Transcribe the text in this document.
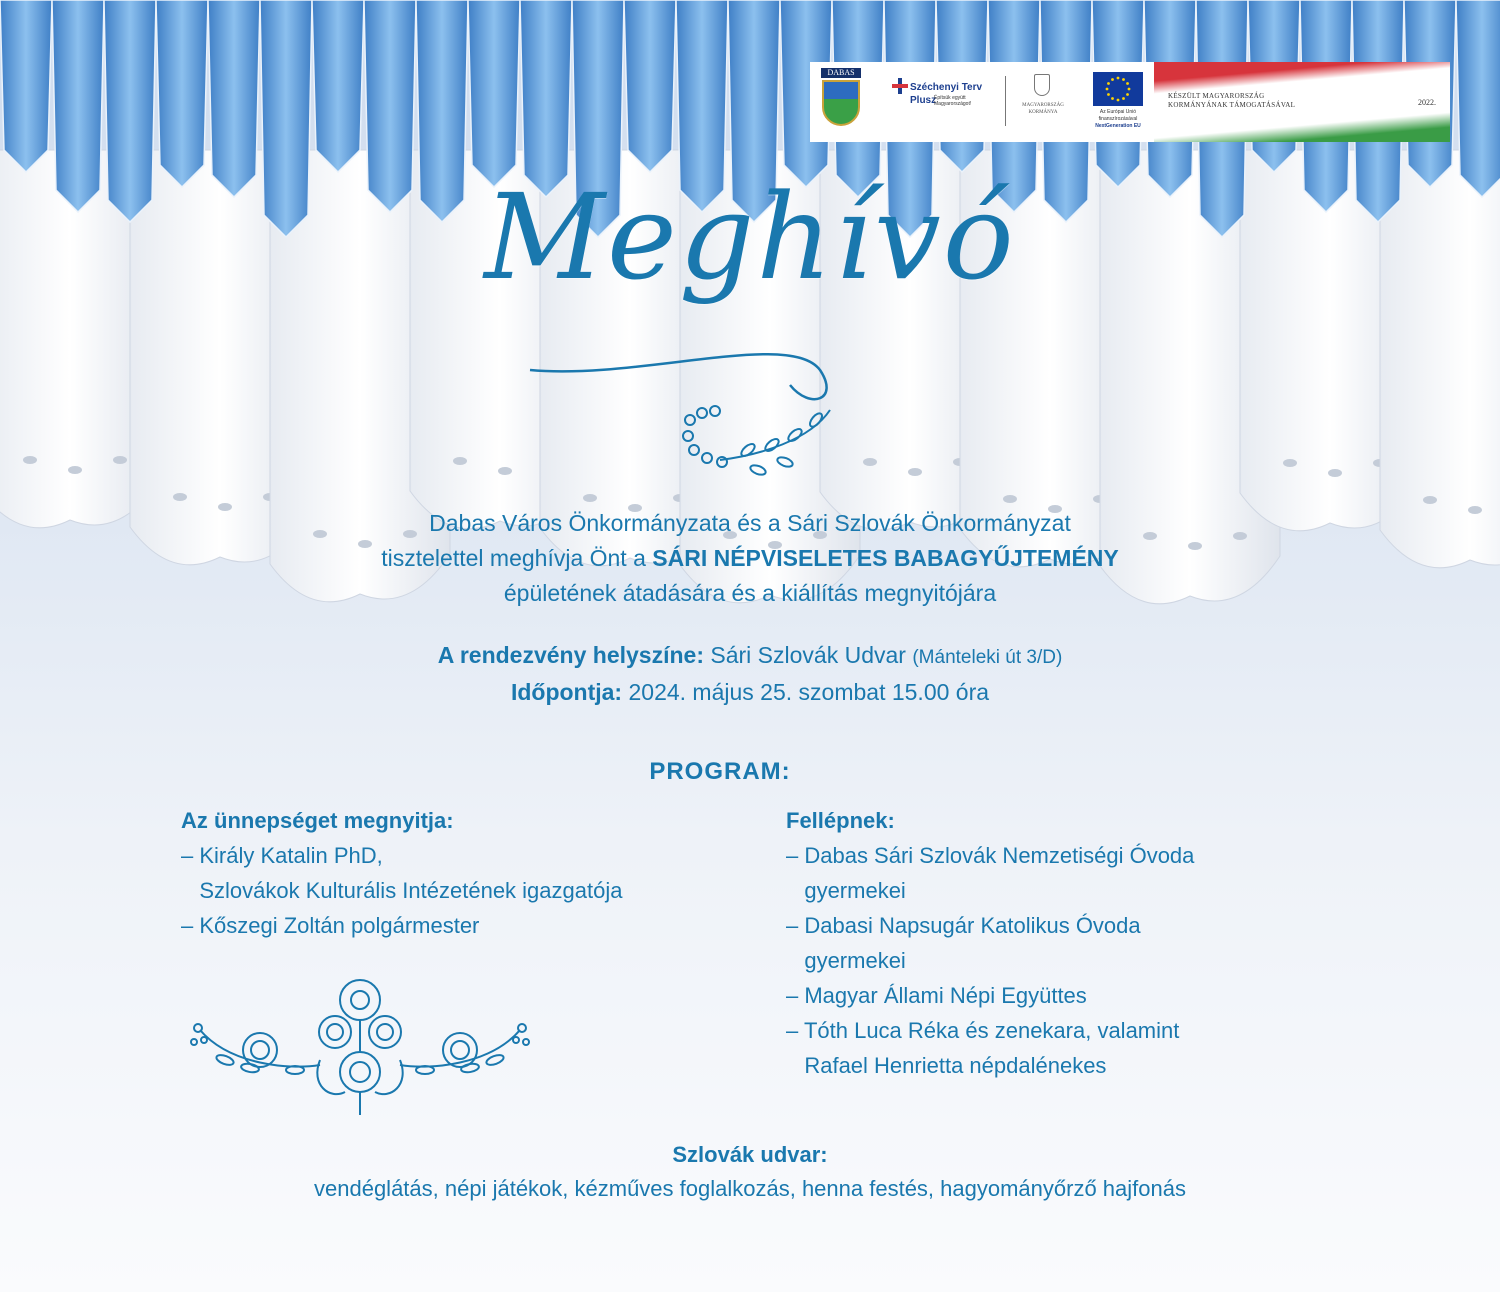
DABAS
Széchenyi Terv
Plusz
Építsük együtt Magyarországot!	MAGYARORSZÁG KORMÁNYA	Az Európai Unió
finanszírozásával
NextGeneration EU
KÉSZÜLT MAGYARORSZÁG KORMÁNYÁNAK TÁMOGATÁSÁVAL	2022.
Meghívó
Dabas Város Önkormányzata és a Sári Szlovák Önkormányzat
tisztelettel meghívja Önt a SÁRI NÉPVISELETES BABAGYŰJTEMÉNY
épületének átadására és a kiállítás megnyitójára
A rendezvény helyszíne: Sári Szlovák Udvar (Mánteleki út 3/D)
Időpontja: 2024. május 25. szombat 15.00 óra
PROGRAM:
Az ünnepséget megnyitja:
– Király Katalin PhD,
Szlovákok Kulturális Intézetének igazgatója
– Kőszegi Zoltán polgármester
Fellépnek:
– Dabas Sári Szlovák Nemzetiségi Óvoda
gyermekei
– Dabasi Napsugár Katolikus Óvoda
gyermekei
– Magyar Állami Népi Együttes
– Tóth Luca Réka és zenekara, valamint
Rafael Henrietta népdalénekes
Szlovák udvar:
vendéglátás, népi játékok, kézműves foglalkozás, henna festés, hagyományőrző hajfonás
